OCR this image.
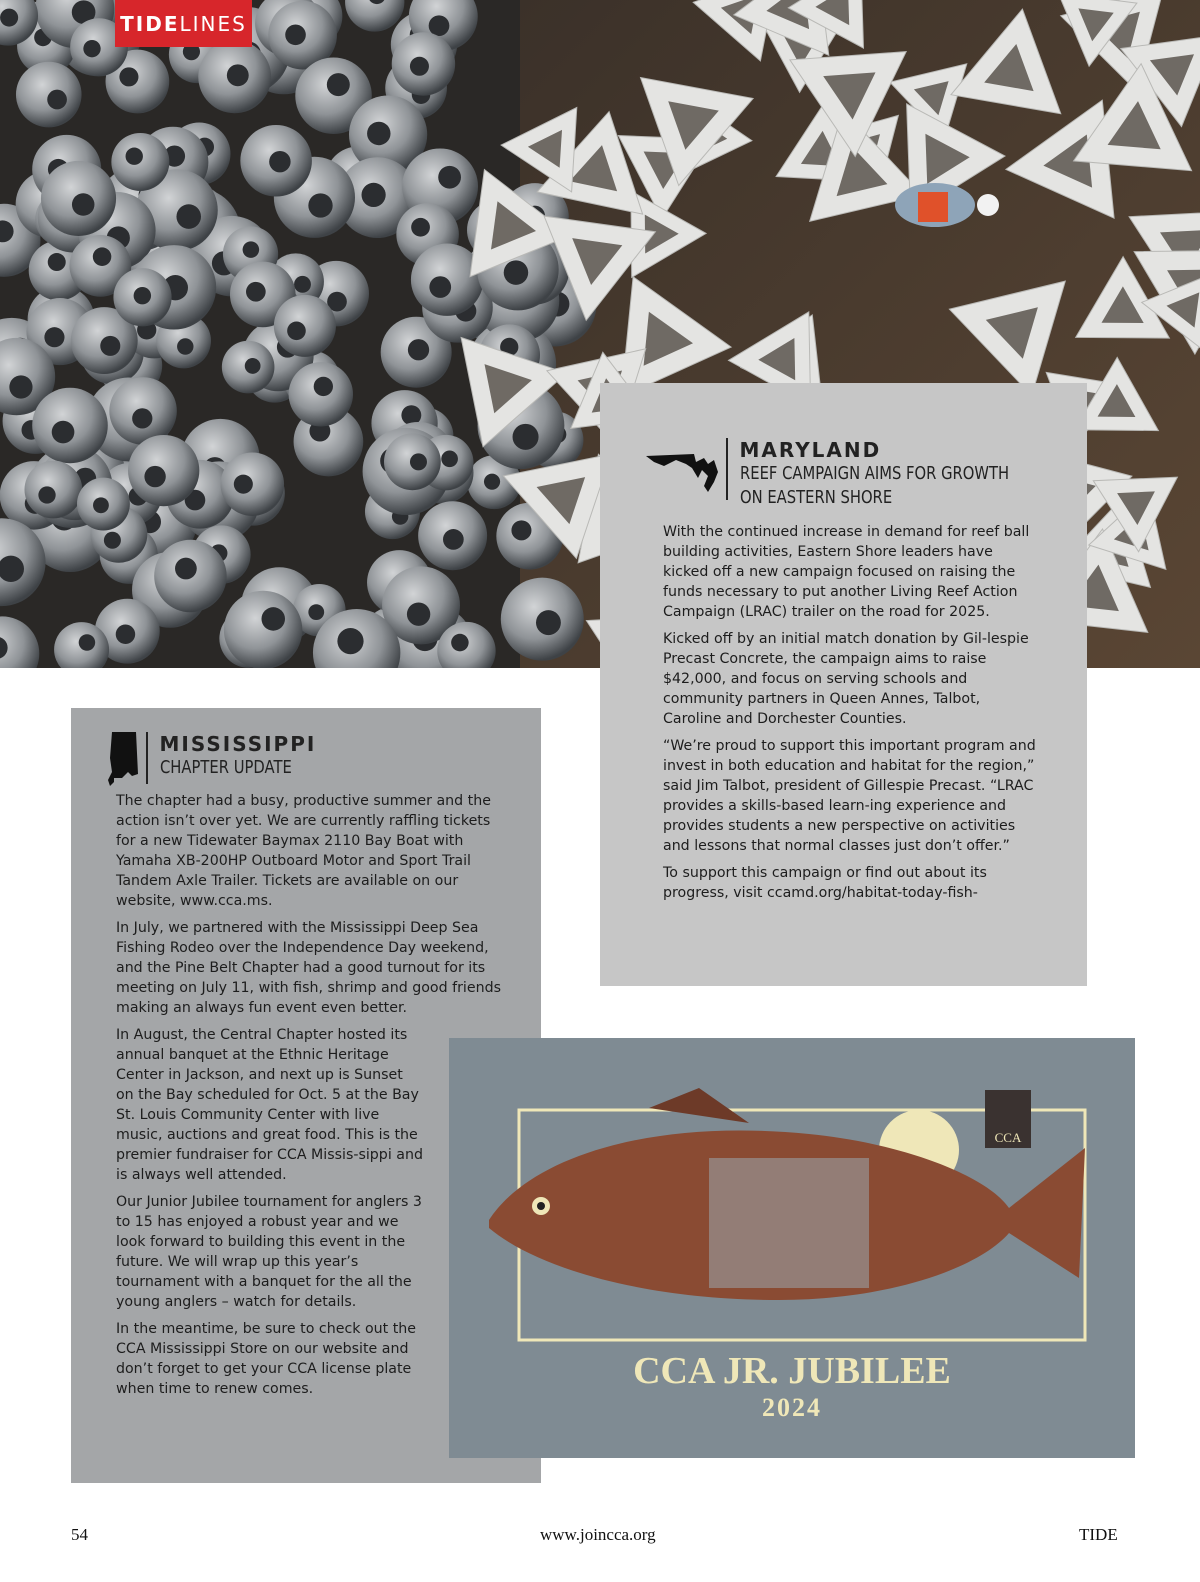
TIDE LINES
MARYLAND
REEF CAMPAIGN AIMS FOR GROWTH ON EASTERN SHORE

With the continued increase in demand for reef ball building activities, Eastern Shore leaders have kicked off a new campaign focused on raising the funds necessary to put another Living Reef Action Campaign (LRAC) trailer on the road for 2025.

Kicked off by an initial match donation by Gil-lespie Precast Concrete, the campaign aims to raise $42,000, and focus on serving schools and community partners in Queen Annes, Talbot, Caroline and Dorchester Counties.

“We’re proud to support this important program and invest in both education and habitat for the region,” said Jim Talbot, president of Gillespie Precast. “LRAC provides a skills-based learn-ing experience and provides students a new perspective on activities and lessons that normal classes just don’t offer.”

To support this campaign or find out about its progress, visit ccamd.org/habitat-today-fish-

MISSISSIPPI
CHAPTER UPDATE

The chapter had a busy, productive summer and the action isn’t over yet. We are currently raffling tickets for a new Tidewater Baymax 2110 Bay Boat with Yamaha XB-200HP Outboard Motor and Sport Trail Tandem Axle Trailer. Tickets are available on our website, www.cca.ms.

In July, we partnered with the Mississippi Deep Sea Fishing Rodeo over the Independence Day weekend, and the Pine Belt Chapter had a good turnout for its meeting on July 11, with fish, shrimp and good friends making an always fun event even better.

In August, the Central Chapter hosted its annual banquet at the Ethnic Heritage Center in Jackson, and next up is Sunset on the Bay scheduled for Oct. 5 at the Bay St. Louis Community Center with live music, auctions and great food. This is the premier fundraiser for CCA Missis-sippi and is always well attended.

Our Junior Jubilee tournament for anglers 3 to 15 has enjoyed a robust year and we look forward to building this event in the future. We will wrap up this year’s tournament with a banquet for the all the young anglers – watch for details.

In the meantime, be sure to check out the CCA Mississippi Store on our website and don’t forget to get your CCA license plate when time to renew comes.

CCA
CCA JR. JUBILEE
2024
54	www.joincca.org	TIDE
